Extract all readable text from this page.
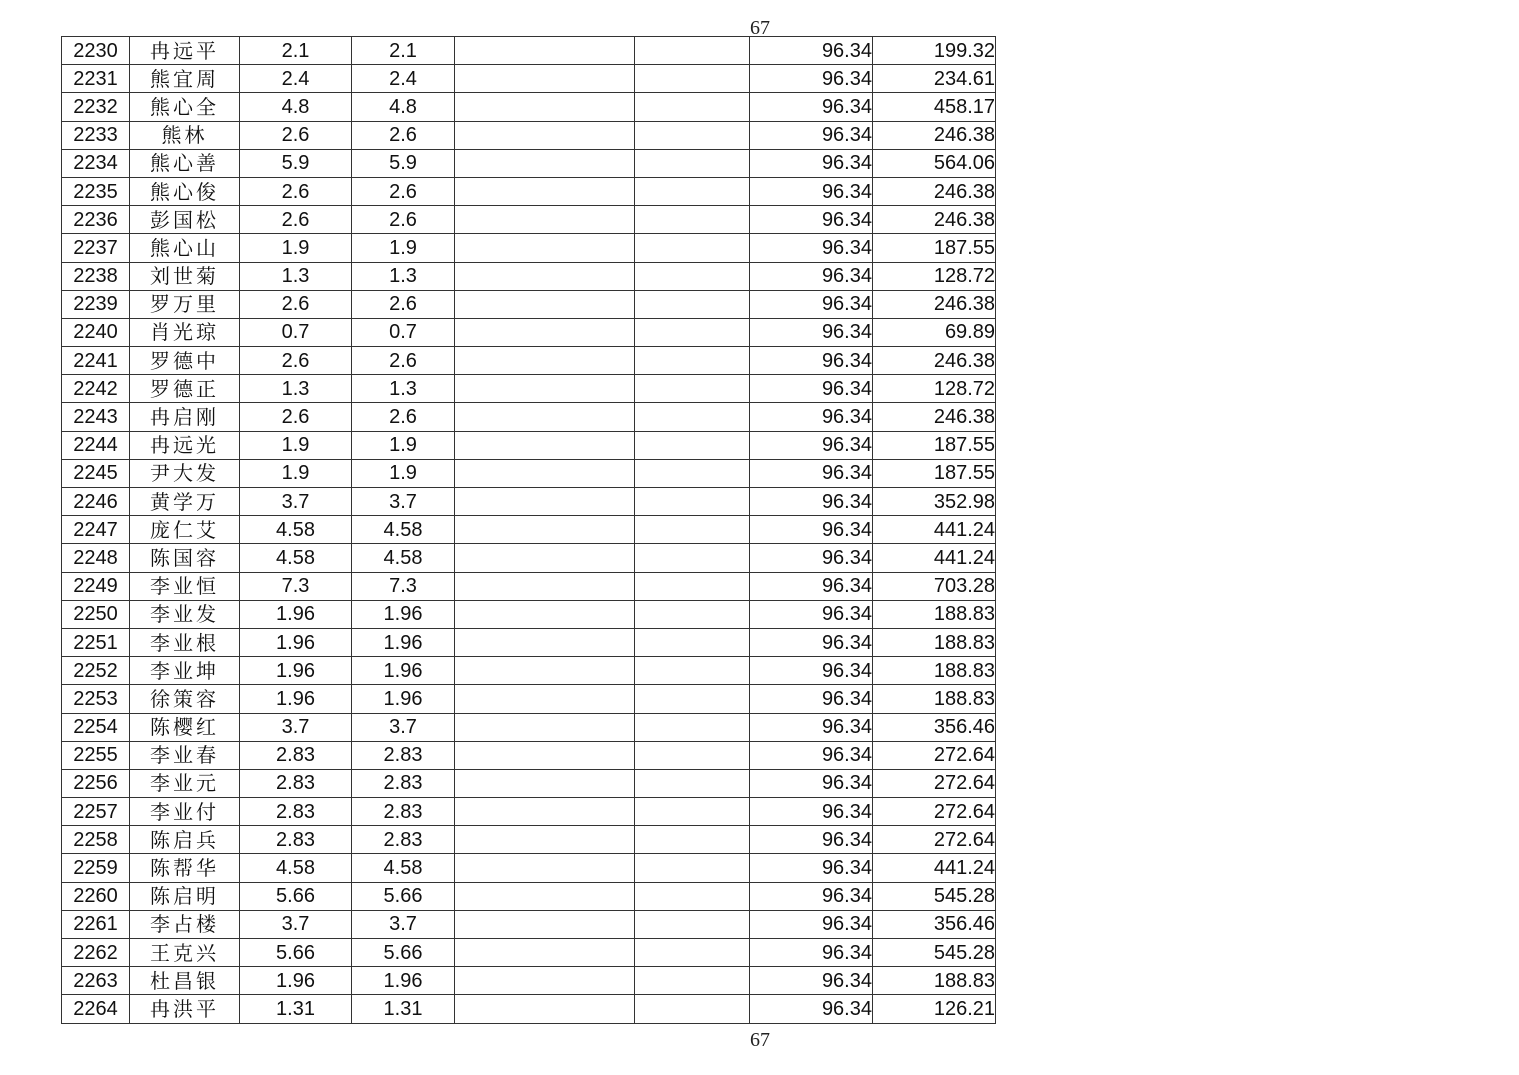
67
2230	冉远平	2.1	2.1			96.34	199.32
2231	熊宜周	2.4	2.4			96.34	234.61
2232	熊心全	4.8	4.8			96.34	458.17
2233	熊林	2.6	2.6			96.34	246.38
2234	熊心善	5.9	5.9			96.34	564.06
2235	熊心俊	2.6	2.6			96.34	246.38
2236	彭国松	2.6	2.6			96.34	246.38
2237	熊心山	1.9	1.9			96.34	187.55
2238	刘世菊	1.3	1.3			96.34	128.72
2239	罗万里	2.6	2.6			96.34	246.38
2240	肖光琼	0.7	0.7			96.34	69.89
2241	罗德中	2.6	2.6			96.34	246.38
2242	罗德正	1.3	1.3			96.34	128.72
2243	冉启刚	2.6	2.6			96.34	246.38
2244	冉远光	1.9	1.9			96.34	187.55
2245	尹大发	1.9	1.9			96.34	187.55
2246	黄学万	3.7	3.7			96.34	352.98
2247	庞仁艾	4.58	4.58			96.34	441.24
2248	陈国容	4.58	4.58			96.34	441.24
2249	李业恒	7.3	7.3			96.34	703.28
2250	李业发	1.96	1.96			96.34	188.83
2251	李业根	1.96	1.96			96.34	188.83
2252	李业坤	1.96	1.96			96.34	188.83
2253	徐策容	1.96	1.96			96.34	188.83
2254	陈樱红	3.7	3.7			96.34	356.46
2255	李业春	2.83	2.83			96.34	272.64
2256	李业元	2.83	2.83			96.34	272.64
2257	李业付	2.83	2.83			96.34	272.64
2258	陈启兵	2.83	2.83			96.34	272.64
2259	陈帮华	4.58	4.58			96.34	441.24
2260	陈启明	5.66	5.66			96.34	545.28
2261	李占楼	3.7	3.7			96.34	356.46
2262	王克兴	5.66	5.66			96.34	545.28
2263	杜昌银	1.96	1.96			96.34	188.83
2264	冉洪平	1.31	1.31			96.34	126.21
67
